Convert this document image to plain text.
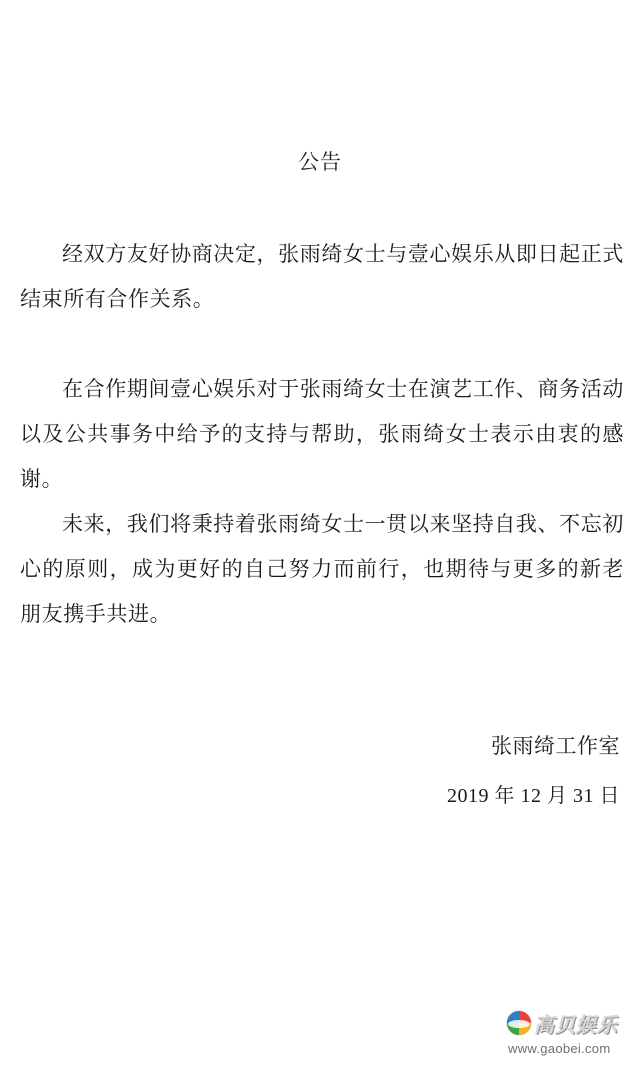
公告
经双方友好协商决定，张雨绮女士与壹心娱乐从即日起正式结束所有合作关系。
在合作期间壹心娱乐对于张雨绮女士在演艺工作、商务活动以及公共事务中给予的支持与帮助，张雨绮女士表示由衷的感谢。
未来，我们将秉持着张雨绮女士一贯以来坚持自我、不忘初心的原则，成为更好的自己努力而前行，也期待与更多的新老朋友携手共进。
张雨绮工作室
2019 年 12 月 31 日
高贝娱乐
www.gaobei.com
